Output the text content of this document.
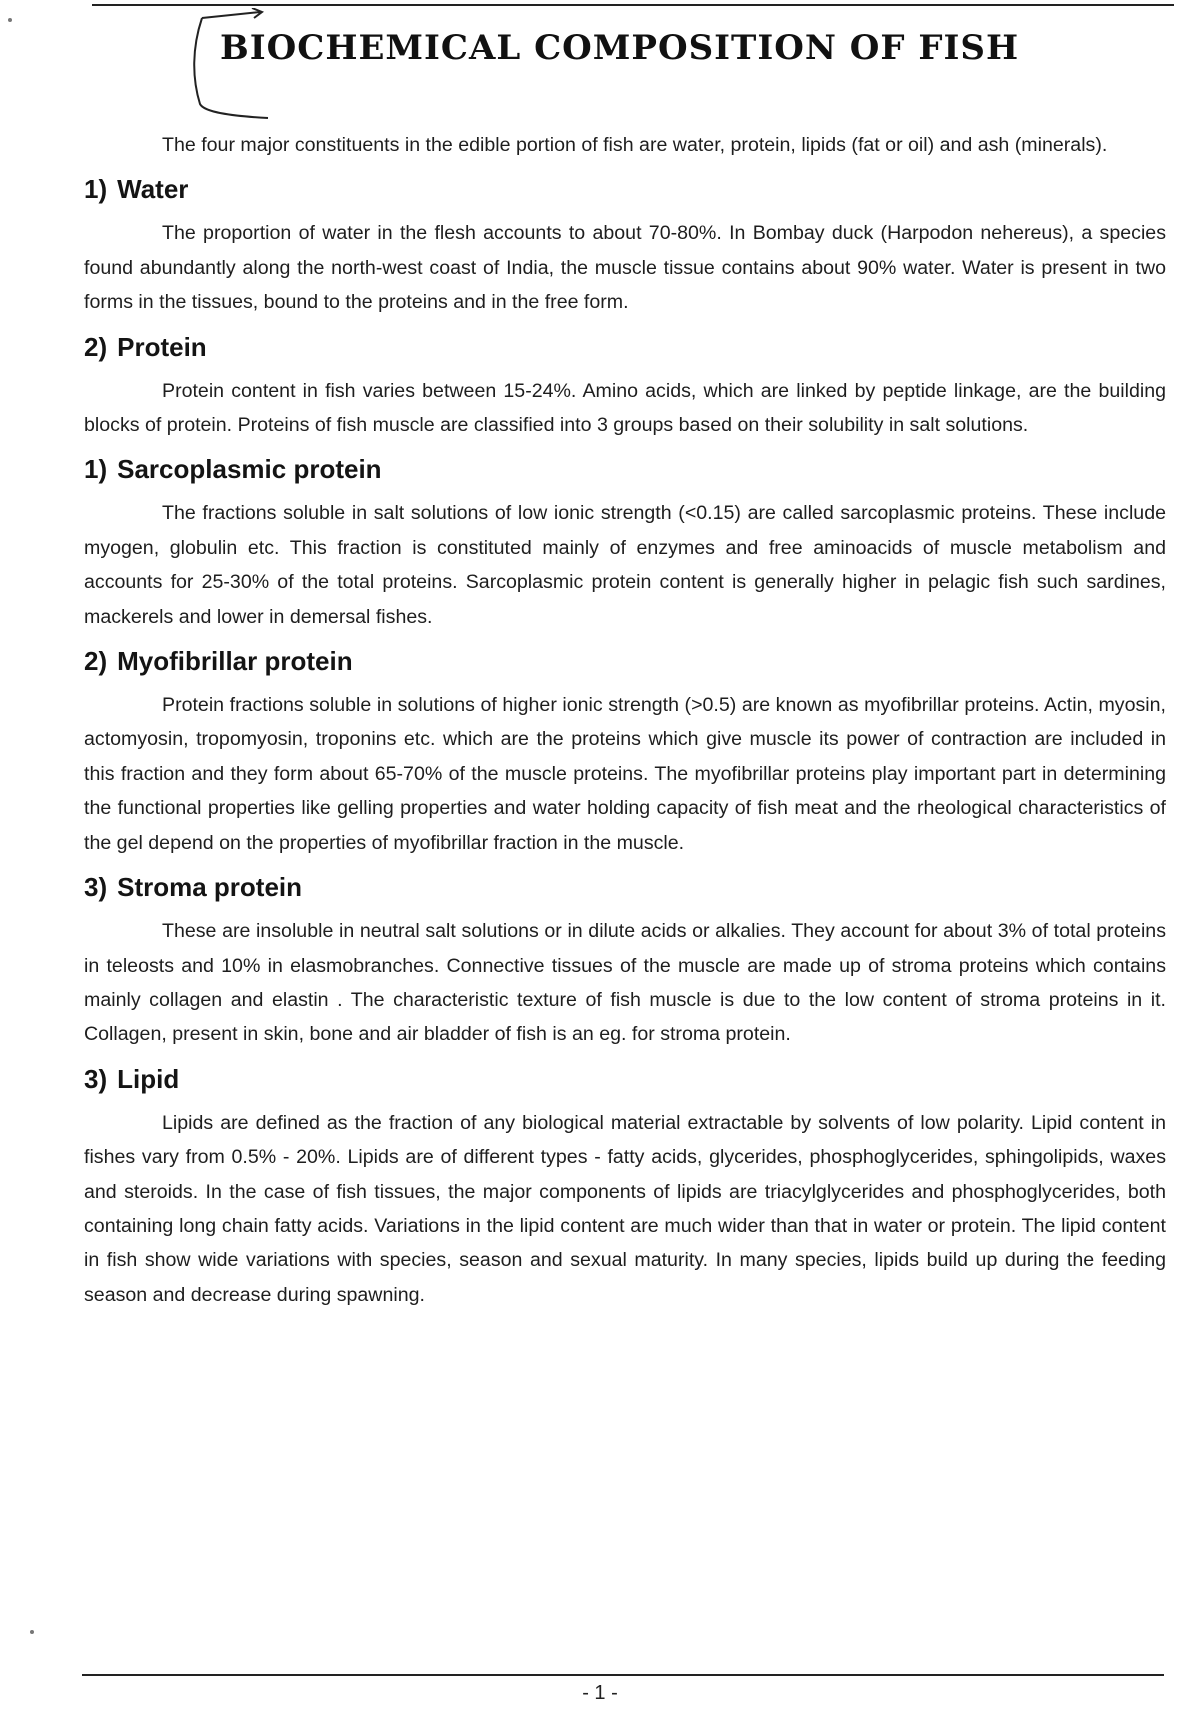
BIOCHEMICAL COMPOSITION OF FISH

The four major constituents in the edible portion of fish are water, protein, lipids (fat or oil) and ash (minerals).

1) Water

The proportion of water in the flesh accounts to about 70-80%. In Bombay duck (Harpodon nehereus), a species found abundantly along the north-west coast of India, the muscle tissue contains about 90% water. Water is present in two forms in the tissues, bound to the proteins and in the free form.

2) Protein

Protein content in fish varies between 15-24%. Amino acids, which are linked by peptide linkage, are the building blocks of protein. Proteins of fish muscle are classified into 3 groups based on their solubility in salt solutions.

1) Sarcoplasmic protein

The fractions soluble in salt solutions of low ionic strength (<0.15) are called sarcoplasmic proteins. These include myogen, globulin etc. This fraction is constituted mainly of enzymes and free aminoacids of muscle metabolism and accounts for 25-30% of the total proteins. Sarcoplasmic protein content is generally higher in pelagic fish such sardines, mackerels and lower in demersal fishes.

2) Myofibrillar protein

Protein fractions soluble in solutions of higher ionic strength (>0.5) are known as myofibrillar proteins. Actin, myosin, actomyosin, tropomyosin, troponins etc. which are the proteins which give muscle its power of contraction are included in this fraction and they form about 65-70% of the muscle proteins. The myofibrillar proteins play important part in determining the functional properties like gelling properties and water holding capacity of fish meat and the rheological characteristics of the gel depend on the properties of myofibrillar fraction in the muscle.

3) Stroma protein

These are insoluble in neutral salt solutions or in dilute acids or alkalies. They account for about 3% of total proteins in teleosts and 10% in elasmobranches. Connective tissues of the muscle are made up of stroma proteins which contains mainly collagen and elastin . The characteristic texture of fish muscle is due to the low content of stroma proteins in it. Collagen, present in skin, bone and air bladder of fish is an eg. for stroma protein.

3) Lipid

Lipids are defined as the fraction of any biological material extractable by solvents of low polarity. Lipid content in fishes vary from 0.5% - 20%. Lipids are of different types - fatty acids, glycerides, phosphoglycerides, sphingolipids, waxes and steroids. In the case of fish tissues, the major components of lipids are triacylglycerides and phosphoglycerides, both containing long chain fatty acids. Variations in the lipid content are much wider than that in water or protein. The lipid content in fish show wide variations with species, season and sexual maturity. In many species, lipids build up during the feeding season and decrease during spawning.

- 1 -
